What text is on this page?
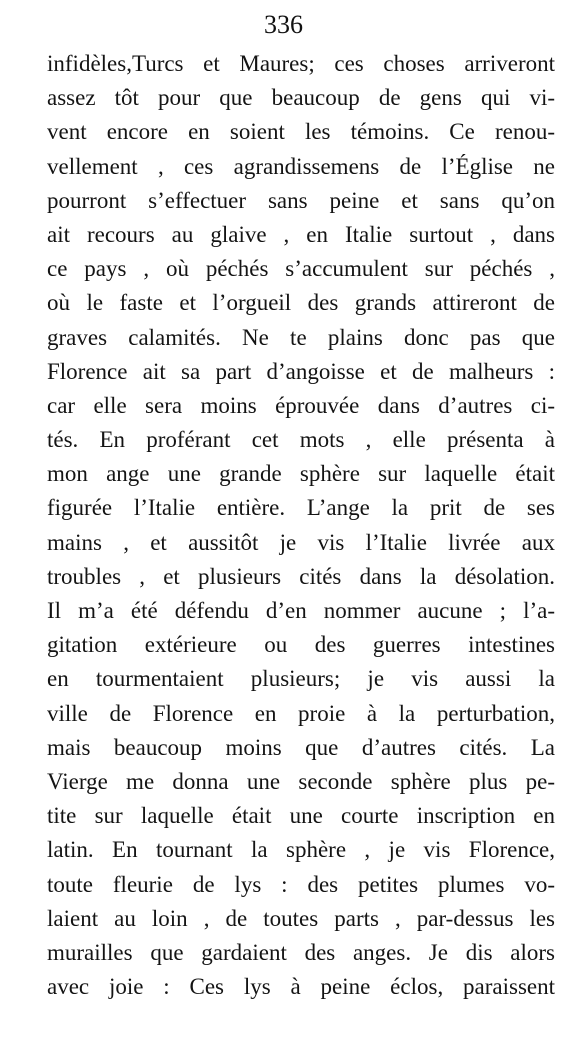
336
infidèles,Turcs et Maures; ces choses arriveront
assez tôt pour que beaucoup de gens qui vi-
vent encore en soient les témoins. Ce renou-
vellement , ces agrandissemens de l’Église ne
pourront s’effectuer sans peine et sans qu’on
ait recours au glaive , en Italie surtout , dans
ce pays , où péchés s’accumulent sur péchés ,
où le faste et l’orgueil des grands attireront de
graves calamités. Ne te plains donc pas que
Florence ait sa part d’angoisse et de malheurs :
car elle sera moins éprouvée dans d’autres ci-
tés. En proférant cet mots , elle présenta à
mon ange une grande sphère sur laquelle était
figurée l’Italie entière. L’ange la prit de ses
mains , et aussitôt je vis l’Italie livrée aux
troubles , et plusieurs cités dans la désolation.
Il m’a été défendu d’en nommer aucune ; l’a-
gitation extérieure ou des guerres intestines
en tourmentaient plusieurs; je vis aussi la
ville de Florence en proie à la perturbation,
mais beaucoup moins que d’autres cités. La
Vierge me donna une seconde sphère plus pe-
tite sur laquelle était une courte inscription en
latin. En tournant la sphère , je vis Florence,
toute fleurie de lys : des petites plumes vo-
laient au loin , de toutes parts , par-dessus les
murailles que gardaient des anges. Je dis alors
avec joie : Ces lys à peine éclos, paraissent
